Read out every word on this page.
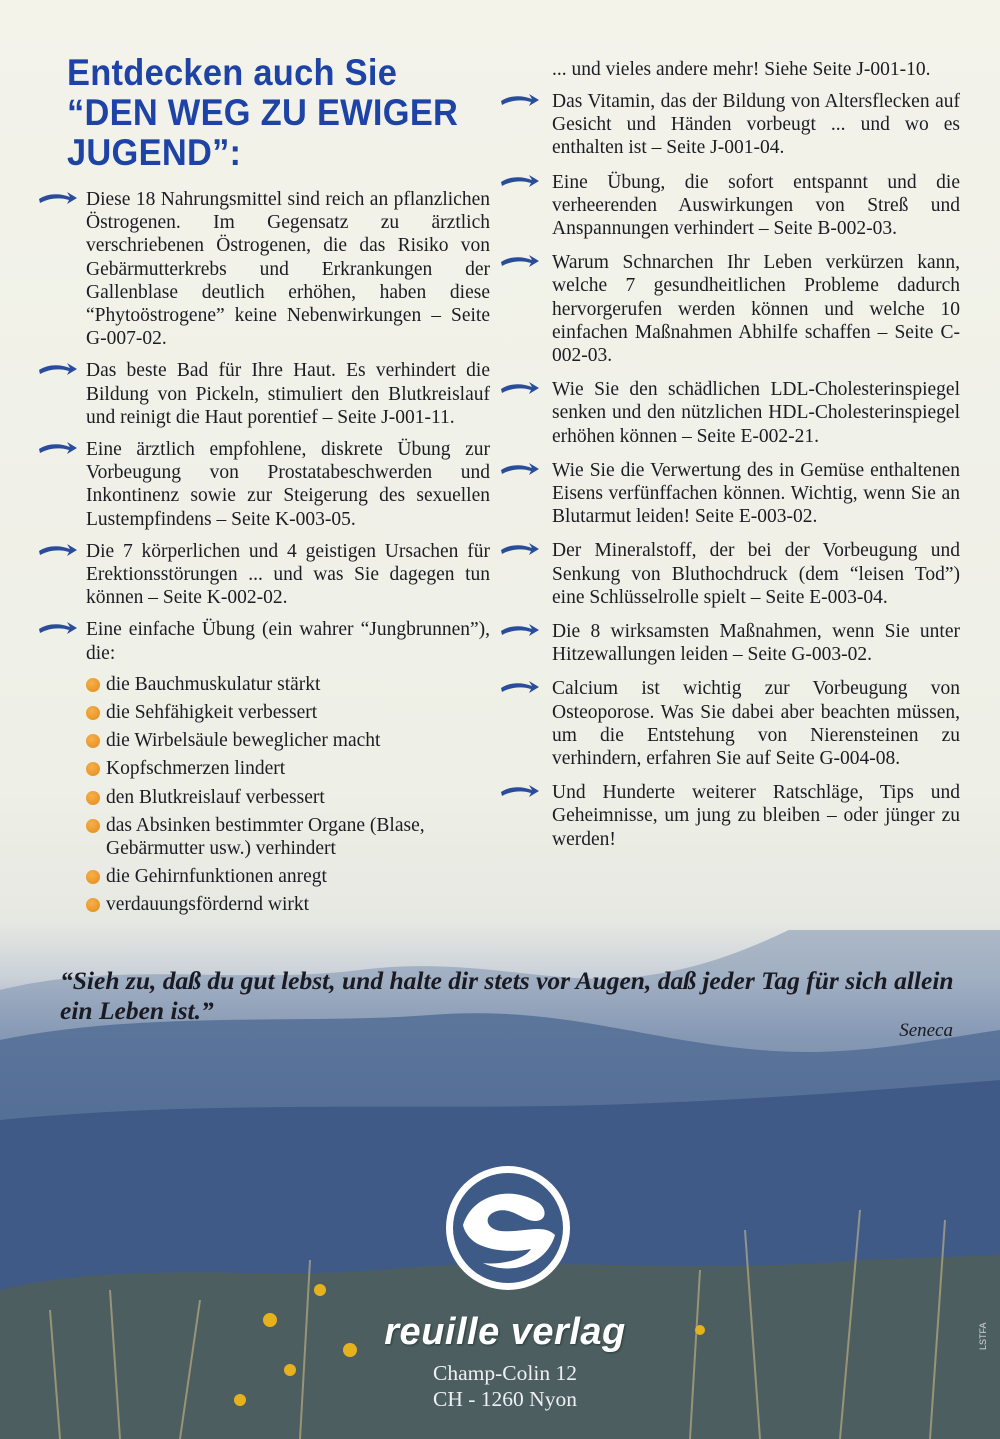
Entdecken auch Sie “DEN WEG ZU EWIGER JUGEND”:

Diese 18 Nahrungsmittel sind reich an pflanzlichen Östrogenen. Im Gegensatz zu ärztlich verschriebenen Östrogenen, die das Risiko von Gebärmutterkrebs und Erkrankungen der Gallenblase deutlich erhöhen, haben diese “Phytoöstrogene” keine Nebenwirkungen – Seite G-007-02.

Das beste Bad für Ihre Haut. Es verhindert die Bildung von Pickeln, stimuliert den Blutkreislauf und reinigt die Haut porentief – Seite J-001-11.

Eine ärztlich empfohlene, diskrete Übung zur Vorbeugung von Prostatabeschwerden und Inkontinenz sowie zur Steigerung des sexuellen Lustempfindens – Seite K-003-05.

Die 7 körperlichen und 4 geistigen Ursachen für Erektionsstörungen ... und was Sie dagegen tun können – Seite K-002-02.

Eine einfache Übung (ein wahrer “Jungbrunnen”), die:

die Bauchmuskulatur stärkt
die Sehfähigkeit verbessert
die Wirbelsäule beweglicher macht
Kopfschmerzen lindert
den Blutkreislauf verbessert
das Absinken bestimmter Organe (Blase, Gebärmutter usw.) verhindert
die Gehirnfunktionen anregt
verdauungsfördernd wirkt

... und vieles andere mehr! Siehe Seite J-001-10.

Das Vitamin, das der Bildung von Altersflecken auf Gesicht und Händen vorbeugt ... und wo es enthalten ist – Seite J-001-04.

Eine Übung, die sofort entspannt und die verheerenden Auswirkungen von Streß und Anspannungen verhindert – Seite B-002-03.

Warum Schnarchen Ihr Leben verkürzen kann, welche 7 gesundheitlichen Probleme dadurch hervorgerufen werden können und welche 10 einfachen Maßnahmen Abhilfe schaffen – Seite C-002-03.

Wie Sie den schädlichen LDL-Cholesterinspiegel senken und den nützlichen HDL-Cholesterinspiegel erhöhen können – Seite E-002-21.

Wie Sie die Verwertung des in Gemüse enthaltenen Eisens verfünffachen können. Wichtig, wenn Sie an Blutarmut leiden! Seite E-003-02.

Der Mineralstoff, der bei der Vorbeugung und Senkung von Bluthochdruck (dem “leisen Tod”) eine Schlüsselrolle spielt – Seite E-003-04.

Die 8 wirksamsten Maßnahmen, wenn Sie unter Hitzewallungen leiden – Seite G-003-02.

Calcium ist wichtig zur Vorbeugung von Osteoporose. Was Sie dabei aber beachten müssen, um die Entstehung von Nierensteinen zu verhindern, erfahren Sie auf Seite G-004-08.

Und Hunderte weiterer Ratschläge, Tips und Geheimnisse, um jung zu bleiben – oder jünger zu werden!

“Sieh zu, daß du gut lebst, und halte dir stets vor Augen, daß jeder Tag für sich allein ein Leben ist.”

Seneca

reuille verlag

Champ-Colin 12
CH - 1260 Nyon

LSTFA
